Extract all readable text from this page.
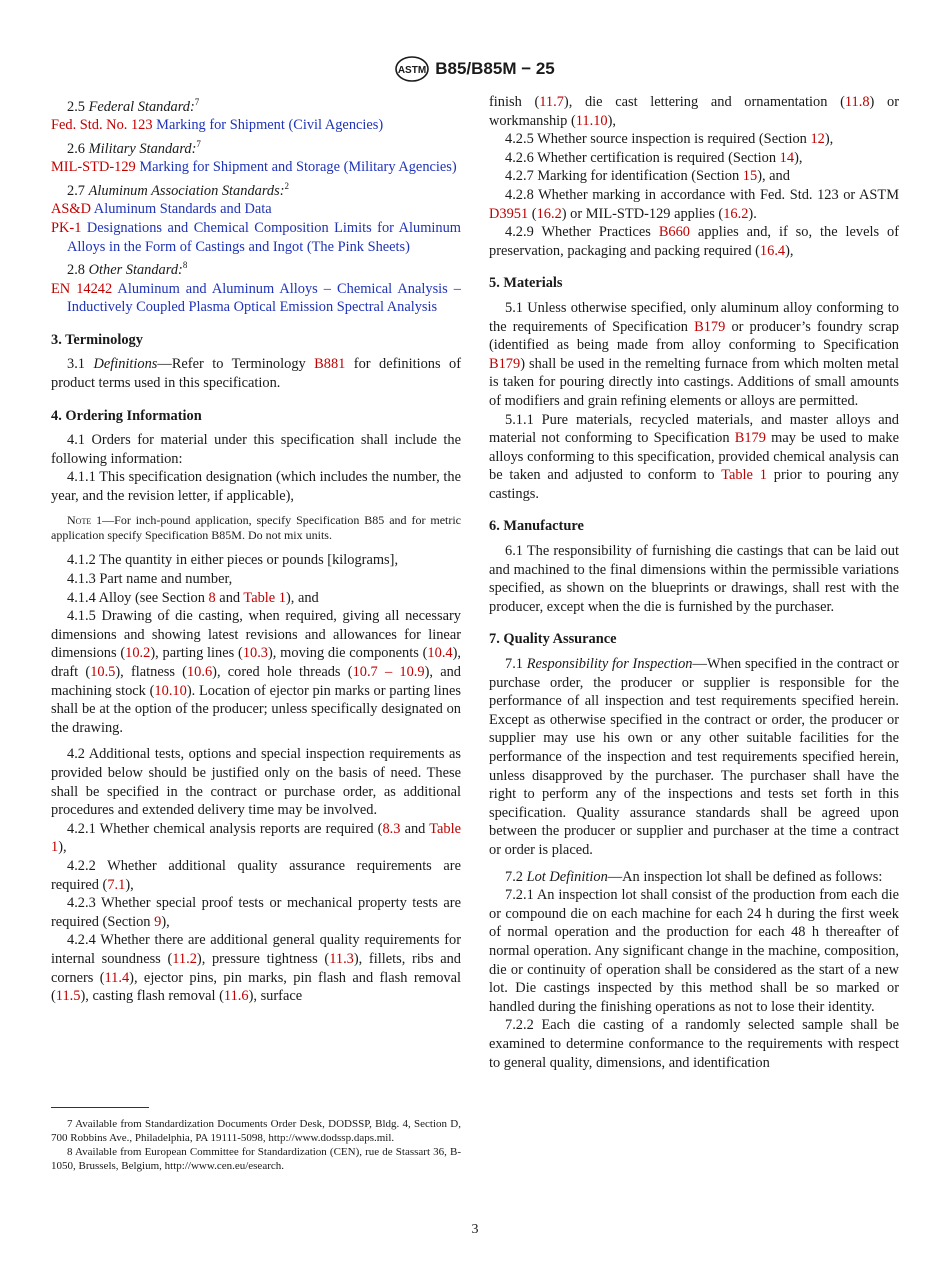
ASTM B85/B85M − 25

2.5 Federal Standard:$^7$

Fed. Std. No. 123 Marking for Shipment (Civil Agencies)

2.6 Military Standard:$^7$

MIL-STD-129 Marking for Shipment and Storage (Military Agencies)

2.7 Aluminum Association Standards:$^2$

AS&D Aluminum Standards and Data

PK-1 Designations and Chemical Composition Limits for Aluminum Alloys in the Form of Castings and Ingot (The Pink Sheets)

2.8 Other Standard:$^8$

EN 14242 Aluminum and Aluminum Alloys – Chemical Analysis – Inductively Coupled Plasma Optical Emission Spectral Analysis

3. Terminology

3.1 Definitions—Refer to Terminology B881 for definitions of product terms used in this specification.

4. Ordering Information

4.1 Orders for material under this specification shall include the following information:

4.1.1 This specification designation (which includes the number, the year, and the revision letter, if applicable),

Note 1—For inch-pound application, specify Specification B85 and for metric application specify Specification B85M. Do not mix units.

4.1.2 The quantity in either pieces or pounds [kilograms],

4.1.3 Part name and number,

4.1.4 Alloy (see Section 8 and Table 1), and

4.1.5 Drawing of die casting, when required, giving all necessary dimensions and showing latest revisions and allowances for linear dimensions (10.2), parting lines (10.3), moving die components (10.4), draft (10.5), flatness (10.6), cored hole threads (10.7 – 10.9), and machining stock (10.10). Location of ejector pin marks or parting lines shall be at the option of the producer; unless specifically designated on the drawing.

4.2 Additional tests, options and special inspection requirements as provided below should be justified only on the basis of need. These shall be specified in the contract or purchase order, as additional procedures and extended delivery time may be involved.

4.2.1 Whether chemical analysis reports are required (8.3 and Table 1),

4.2.2 Whether additional quality assurance requirements are required (7.1),

4.2.3 Whether special proof tests or mechanical property tests are required (Section 9),

4.2.4 Whether there are additional general quality requirements for internal soundness (11.2), pressure tightness (11.3), fillets, ribs and corners (11.4), ejector pins, pin marks, pin flash and flash removal (11.5), casting flash removal (11.6), surface

7 Available from Standardization Documents Order Desk, DODSSP, Bldg. 4, Section D, 700 Robbins Ave., Philadelphia, PA 19111-5098, http://www.dodssp.daps.mil.

8 Available from European Committee for Standardization (CEN), rue de Stassart 36, B-1050, Brussels, Belgium, http://www.cen.eu/esearch.

finish (11.7), die cast lettering and ornamentation (11.8) or workmanship (11.10),

4.2.5 Whether source inspection is required (Section 12),

4.2.6 Whether certification is required (Section 14),

4.2.7 Marking for identification (Section 15), and

4.2.8 Whether marking in accordance with Fed. Std. 123 or ASTM D3951 (16.2) or MIL-STD-129 applies (16.2).

4.2.9 Whether Practices B660 applies and, if so, the levels of preservation, packaging and packing required (16.4),

5. Materials

5.1 Unless otherwise specified, only aluminum alloy conforming to the requirements of Specification B179 or producer’s foundry scrap (identified as being made from alloy conforming to Specification B179) shall be used in the remelting furnace from which molten metal is taken for pouring directly into castings. Additions of small amounts of modifiers and grain refining elements or alloys are permitted.

5.1.1 Pure materials, recycled materials, and master alloys and material not conforming to Specification B179 may be used to make alloys conforming to this specification, provided chemical analysis can be taken and adjusted to conform to Table 1 prior to pouring any castings.

6. Manufacture

6.1 The responsibility of furnishing die castings that can be laid out and machined to the final dimensions within the permissible variations specified, as shown on the blueprints or drawings, shall rest with the producer, except when the die is furnished by the purchaser.

7. Quality Assurance

7.1 Responsibility for Inspection—When specified in the contract or purchase order, the producer or supplier is responsible for the performance of all inspection and test requirements specified herein. Except as otherwise specified in the contract or order, the producer or supplier may use his own or any other suitable facilities for the performance of the inspection and test requirements specified herein, unless disapproved by the purchaser. The purchaser shall have the right to perform any of the inspections and tests set forth in this specification. Quality assurance standards shall be agreed upon between the producer or supplier and purchaser at the time a contract or order is placed.

7.2 Lot Definition—An inspection lot shall be defined as follows:

7.2.1 An inspection lot shall consist of the production from each die or compound die on each machine for each 24 h during the first week of normal operation and the production for each 48 h thereafter of normal operation. Any significant change in the machine, composition, die or continuity of operation shall be considered as the start of a new lot. Die castings inspected by this method shall be so marked or handled during the finishing operations as not to lose their identity.

7.2.2 Each die casting of a randomly selected sample shall be examined to determine conformance to the requirements with respect to general quality, dimensions, and identification

3
